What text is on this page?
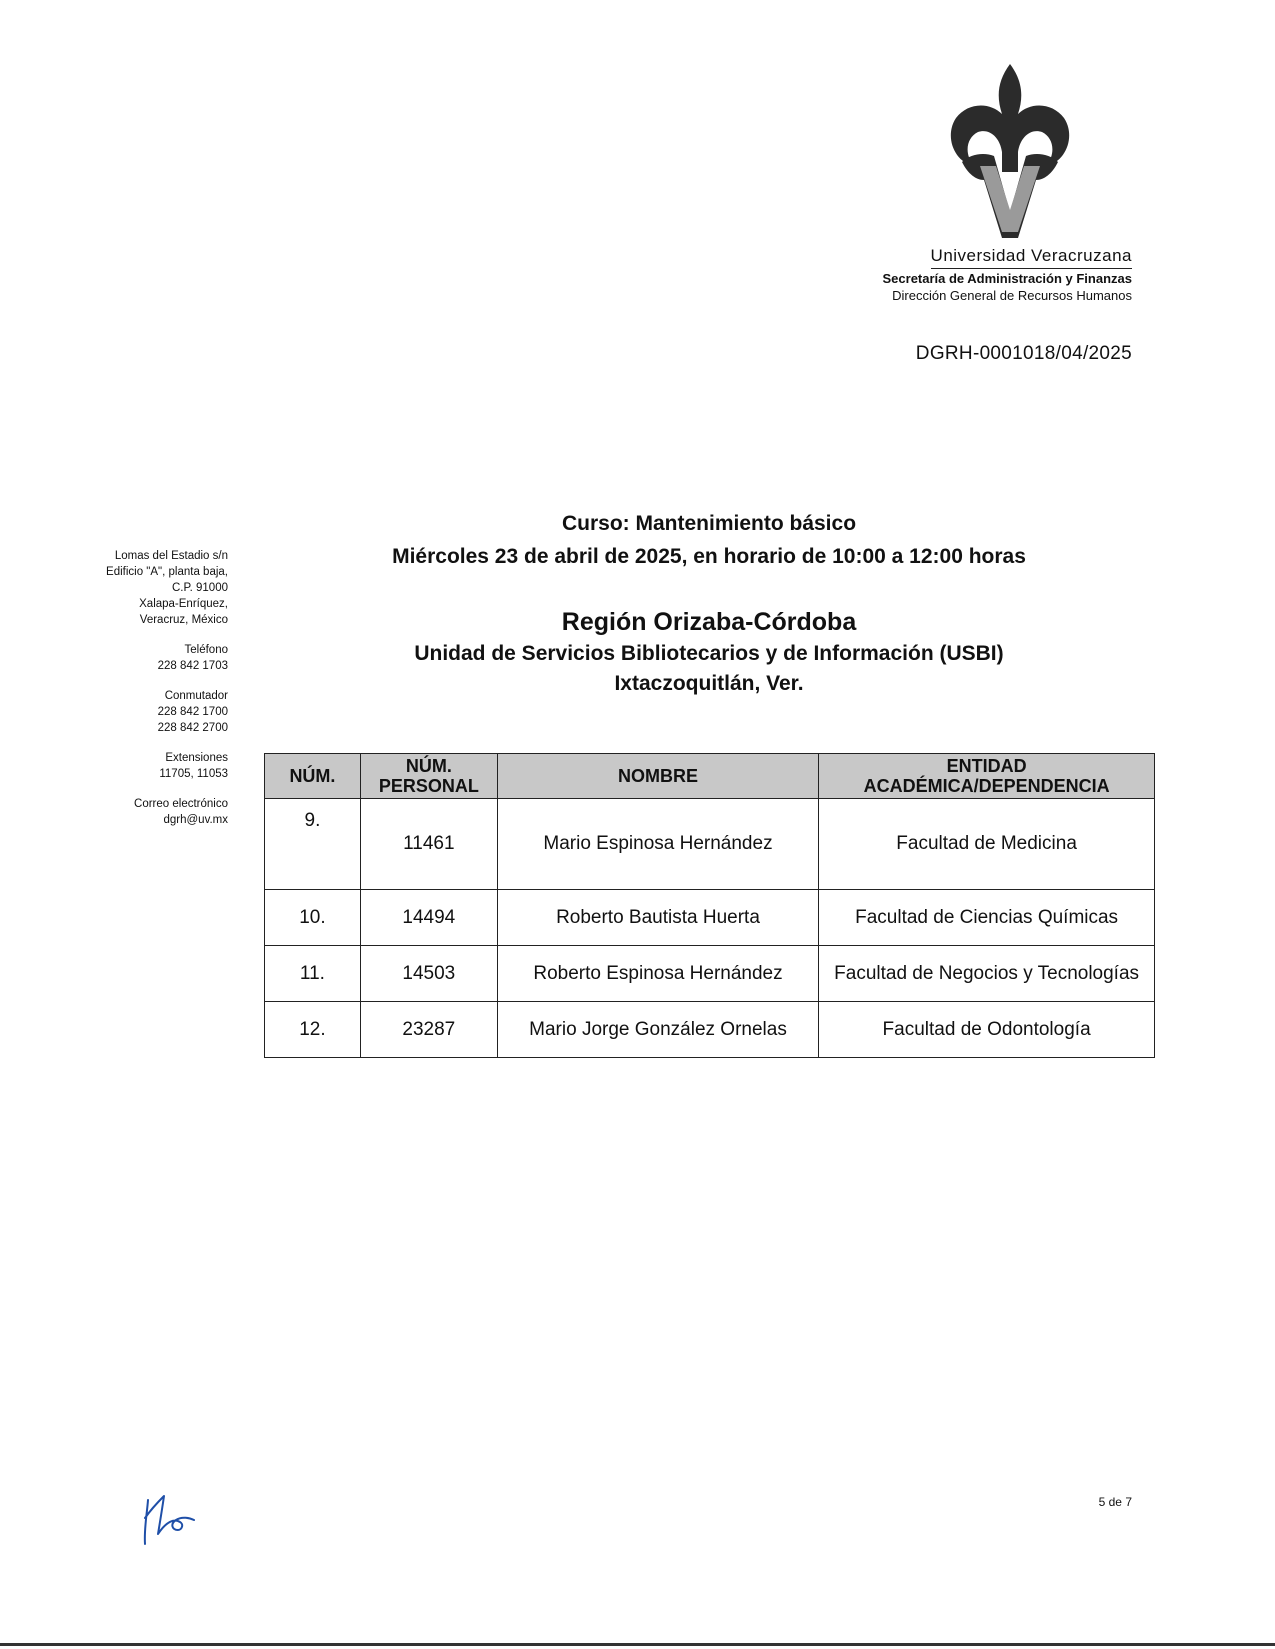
Universidad Veracruzana
Secretaría de Administración y Finanzas
Dirección General de Recursos Humanos
DGRH-0001018/04/2025
Lomas del Estadio s/n
Edificio "A", planta baja,
C.P. 91000
Xalapa-Enríquez,
Veracruz, México
Teléfono
228 842 1703
Conmutador
228 842 1700
228 842 2700
Extensiones
11705, 11053
Correo electrónico
dgrh@uv.mx
Curso: Mantenimiento básico
Miércoles 23 de abril de 2025, en horario de 10:00 a 12:00 horas
Región Orizaba-Córdoba
Unidad de Servicios Bibliotecarios y de Información (USBI)
Ixtaczoquitlán, Ver.
NÚM.	NÚM. PERSONAL	NOMBRE	ENTIDAD ACADÉMICA/DEPENDENCIA
9.	11461	Mario Espinosa Hernández	Facultad de Medicina
10.	14494	Roberto Bautista Huerta	Facultad de Ciencias Químicas
11.	14503	Roberto Espinosa Hernández	Facultad de Negocios y Tecnologías
12.	23287	Mario Jorge González Ornelas	Facultad de Odontología
5 de 7
